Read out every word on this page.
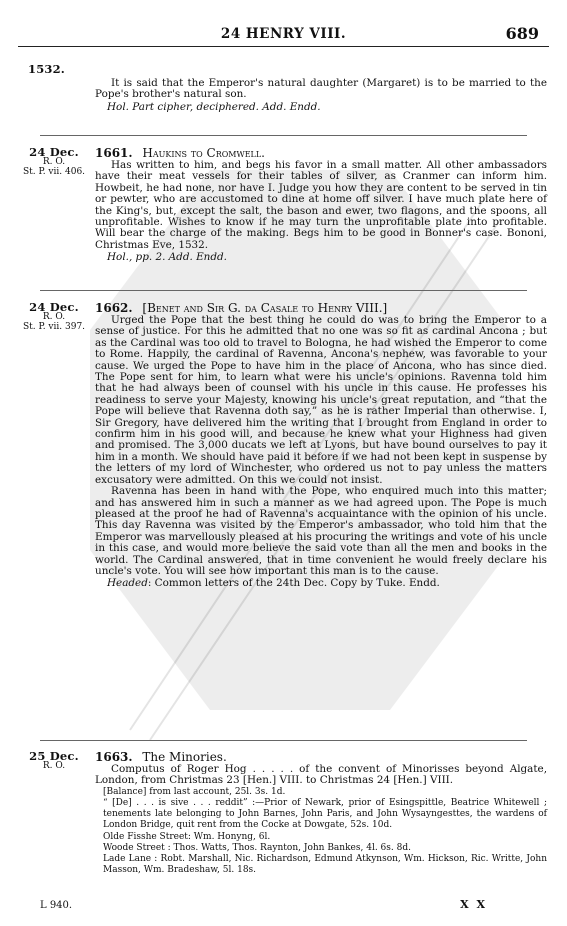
24 HENRY VIII.	689
1532.

It is said that the Emperor's natural daughter (Margaret) is to be married to the Pope's brother's natural son.

Hol. Part cipher, deciphered. Add. Endd.
24 Dec.
R. O.
St. P. vii. 406.
1661. Haukins to Cromwell.

Has written to him, and begs his favor in a small matter. All other ambassadors have their meat vessels for their tables of silver, as Cranmer can inform him. Howbeit, he had none, nor have I. Judge you how they are content to be served in tin or pewter, who are accustomed to dine at home off silver. I have much plate here of the King's, but, except the salt, the bason and ewer, two flagons, and the spoons, all unprofitable. Wishes to know if he may turn the unprofitable plate into profitable. Will bear the charge of the making. Begs him to be good in Bonner's case. Bononi, Christmas Eve, 1532.

Hol., pp. 2. Add. Endd.
24 Dec.
R. O.
St. P. vii. 397.
1662. [Benet and Sir G. da Casale to Henry VIII.]

Urged the Pope that the best thing he could do was to bring the Emperor to a sense of justice. For this he admitted that no one was so fit as cardinal Ancona ; but as the Cardinal was too old to travel to Bologna, he had wished the Emperor to come to Rome. Happily, the cardinal of Ravenna, Ancona's nephew, was favorable to your cause. We urged the Pope to have him in the place of Ancona, who has since died. The Pope sent for him, to learn what were his uncle's opinions. Ravenna told him that he had always been of counsel with his uncle in this cause. He professes his readiness to serve your Majesty, knowing his uncle's great reputation, and “that the Pope will believe that Ravenna doth say,” as he is rather Imperial than otherwise. I, Sir Gregory, have delivered him the writing that I brought from England in order to confirm him in his good will, and because he knew what your Highness had given and promised. The 3,000 ducats we left at Lyons, but have bound ourselves to pay it him in a month. We should have paid it before if we had not been kept in suspense by the letters of my lord of Winchester, who ordered us not to pay unless the matters excusatory were admitted. On this we could not insist.

Ravenna has been in hand with the Pope, who enquired much into this matter; and has answered him in such a manner as we had agreed upon. The Pope is much pleased at the proof he had of Ravenna's acquaintance with the opinion of his uncle. This day Ravenna was visited by the Emperor's ambassador, who told him that the Emperor was marvellously pleased at his procuring the writings and vote of his uncle in this case, and would more believe the said vote than all the men and books in the world. The Cardinal answered, that in time convenient he would freely declare his uncle's vote. You will see how important this man is to the cause.

Headed: Common letters of the 24th Dec. Copy by Tuke. Endd.
25 Dec.
R. O.
1663. The Minories.

Computus of Roger Hog . . . . . of the convent of Minorisses beyond Algate, London, from Christmas 23 [Hen.] VIII. to Christmas 24 [Hen.] VIII.

[Balance] from last account, 25l. 3s. 1d.
“ [De] . . . is sive . . . reddit” :—Prior of Newark, prior of Esingspittle, Beatrice Whitewell ; tenements late belonging to John Barnes, John Paris, and John Wysayngesttes, the wardens of London Bridge, quit rent from the Cocke at Dowgate, 52s. 10d.
Olde Fisshe Street: Wm. Honyng, 6l.
Woode Street : Thos. Watts, Thos. Raynton, John Bankes, 4l. 6s. 8d.
Lade Lane : Robt. Marshall, Nic. Richardson, Edmund Atkynson, Wm. Hickson, Ric. Writte, John Masson, Wm. Bradeshaw, 5l. 18s.
L 940.	X X
